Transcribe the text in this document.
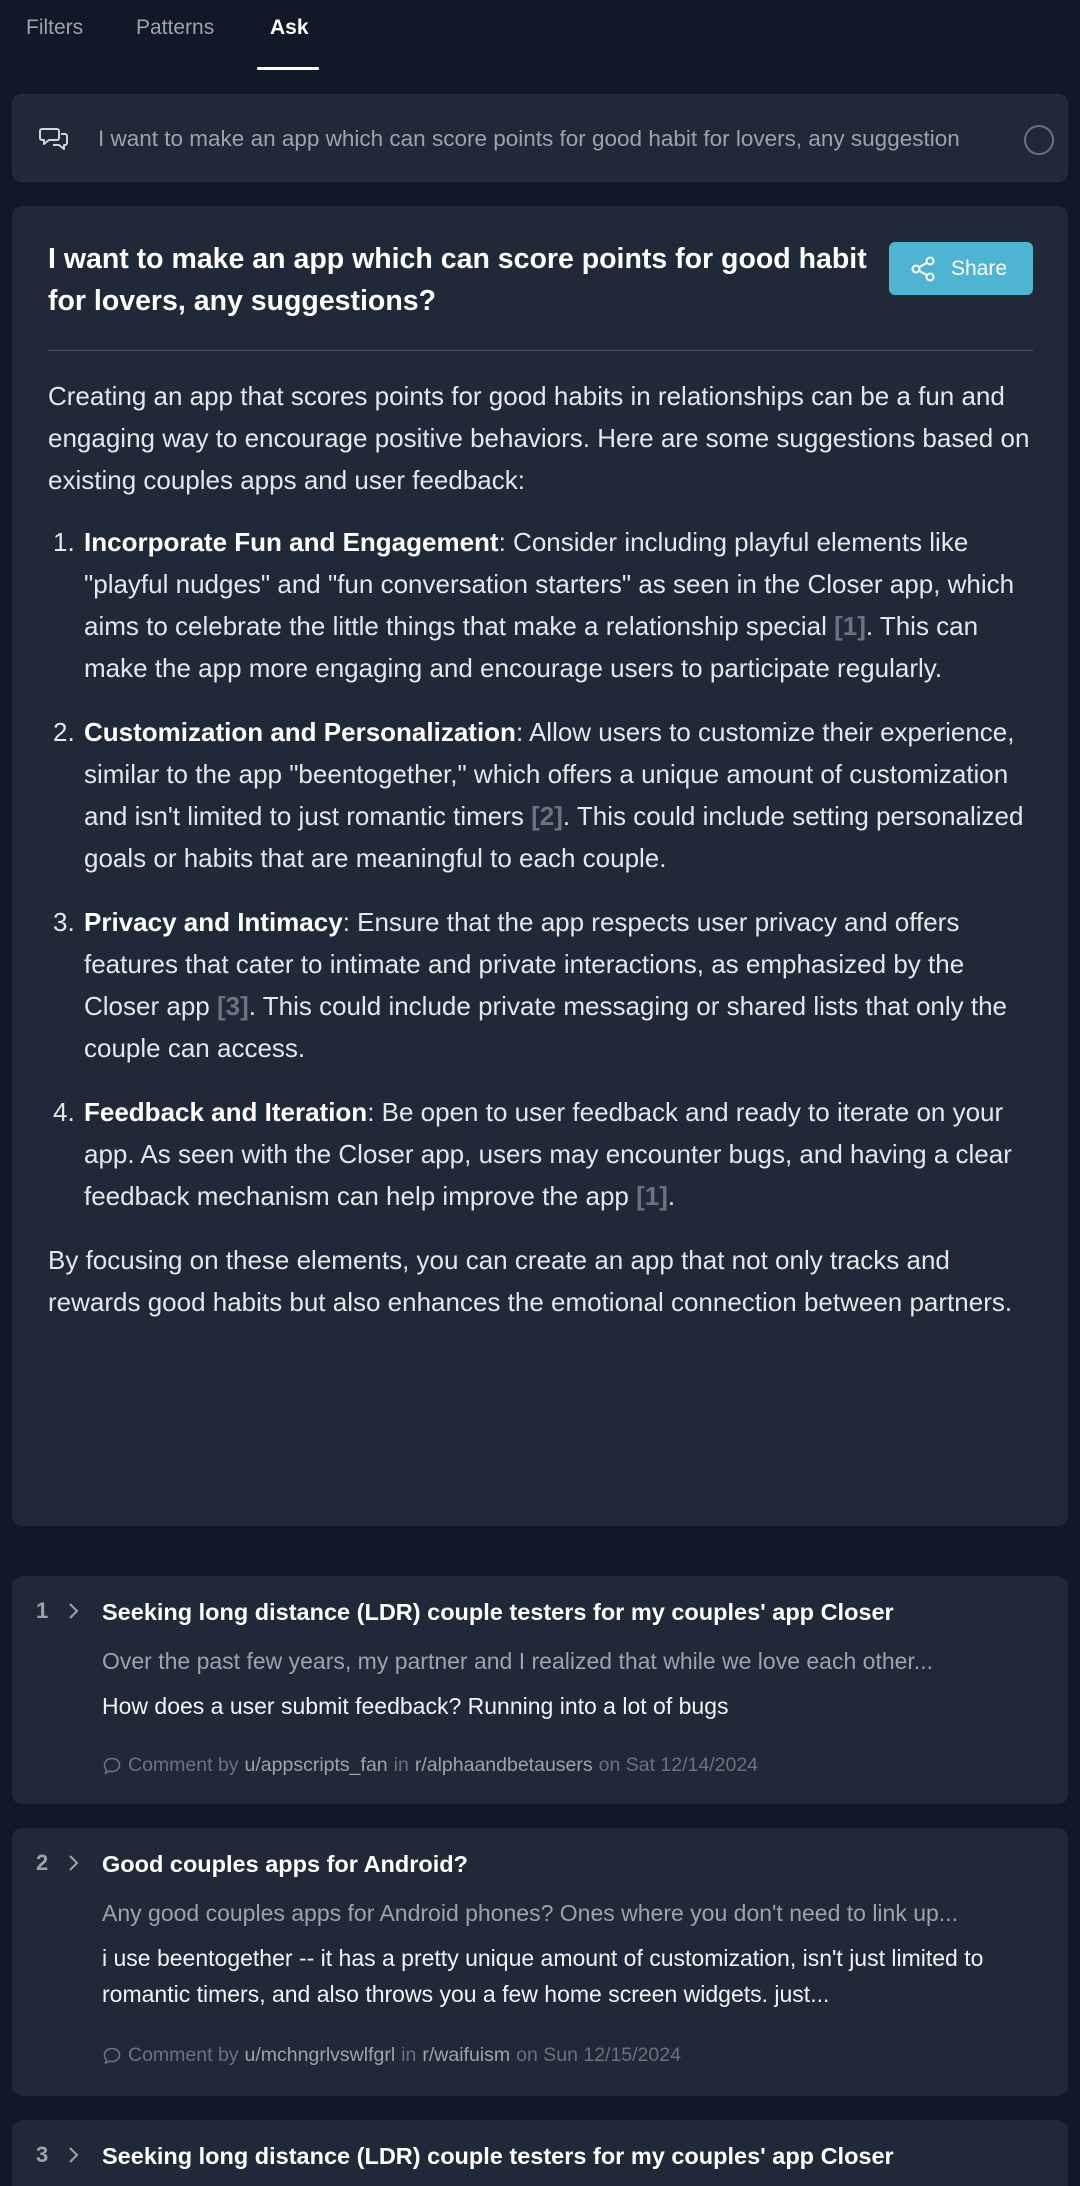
Filters	Patterns	Ask
I want to make an app which can score points for good habit for lovers, any suggestion
I want to make an app which can score points for good habit for lovers, any suggestions?
Share

Creating an app that scores points for good habits in relationships can be a fun and engaging way to encourage positive behaviors. Here are some suggestions based on existing couples apps and user feedback:

1. Incorporate Fun and Engagement: Consider including playful elements like "playful nudges" and "fun conversation starters" as seen in the Closer app, which aims to celebrate the little things that make a relationship special [1]. This can make the app more engaging and encourage users to participate regularly.
2. Customization and Personalization: Allow users to customize their experience, similar to the app "beentogether," which offers a unique amount of customization and isn't limited to just romantic timers [2]. This could include setting personalized goals or habits that are meaningful to each couple.
3. Privacy and Intimacy: Ensure that the app respects user privacy and offers features that cater to intimate and private interactions, as emphasized by the Closer app [3]. This could include private messaging or shared lists that only the couple can access.
4. Feedback and Iteration: Be open to user feedback and ready to iterate on your app. As seen with the Closer app, users may encounter bugs, and having a clear feedback mechanism can help improve the app [1].

By focusing on these elements, you can create an app that not only tracks and rewards good habits but also enhances the emotional connection between partners.

1 Seeking long distance (LDR) couple testers for my couples' app Closer
Over the past few years, my partner and I realized that while we love each other...
How does a user submit feedback? Running into a lot of bugs
Comment by u/appscripts_fan in r/alphaandbetausers on Sat 12/14/2024
2 Good couples apps for Android?
Any good couples apps for Android phones? Ones where you don't need to link up...
i use beentogether -- it has a pretty unique amount of customization, isn't just limited to romantic timers, and also throws you a few home screen widgets. just...
Comment by u/mchngrlvswlfgrl in r/waifuism on Sun 12/15/2024
3 Seeking long distance (LDR) couple testers for my couples' app Closer
